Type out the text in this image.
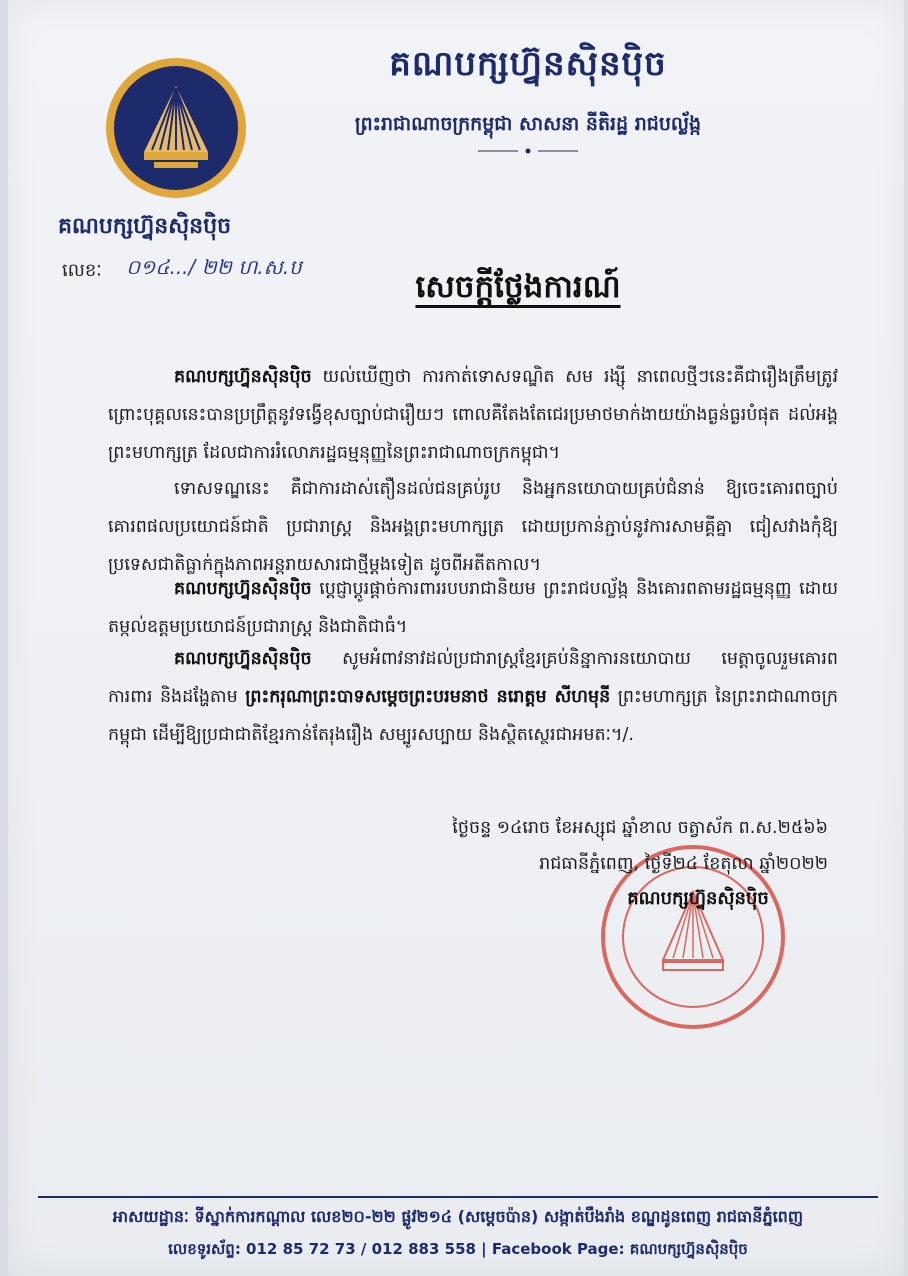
គណបក្សហ្វ៊ុនស៊ិនប៉ិច
ព្រះរាជាណាចក្រកម្ពុជា សាសនា នីតិរដ្ឋ រាជបល្ល័ង្ក
គណបក្សហ្វ៊ុនស៊ិនប៉ិច
លេខៈ ០១៤.../ ២២ ហ.ស.ប
សេចក្តីថ្លែងការណ៍
គណបក្សហ្វ៊ុនស៊ិនប៉ិច យល់ឃើញថា ការកាត់ទោសទណ្ឌិត សម រង្ស៊ី នាពេលថ្មីៗនេះគឺជារឿងត្រឹមត្រូវ ព្រោះបុគ្គលនេះបានប្រព្រឹត្តនូវទង្វើខុសច្បាប់ជារឿយៗ ពោលគឺតែងតែជេរប្រមាថមាក់ងាយយ៉ាងធ្ងន់ធ្ងរបំផុត ដល់អង្គព្រះមហាក្សត្រ ដែលជាការរំលោភរដ្ឋធម្មនុញ្ញនៃព្រះរាជាណាចក្រកម្ពុជា។
ទោសទណ្ឌនេះ គឺជាការដាស់តឿនដល់ជនគ្រប់រូប និងអ្នកនយោបាយគ្រប់ជំនាន់ ឱ្យចេះគោរពច្បាប់ គោរពផលប្រយោជន៍ជាតិ ប្រជារាស្ត្រ និងអង្គព្រះមហាក្សត្រ ដោយប្រកាន់ភ្ជាប់នូវការសាមគ្គីគ្នា ជៀសវាងកុំឱ្យប្រទេសជាតិធ្លាក់ក្នុងភាពអន្តរាយសារជាថ្មីម្តងទៀត ដូចពីអតីតកាល។
គណបក្សហ្វ៊ុនស៊ិនប៉ិច ប្តេជ្ញាប្តូរផ្តាច់ការពាររបបរាជានិយម ព្រះរាជបល្ល័ង្ក និងគោរពតាមរដ្ឋធម្មនុញ្ញ ដោយតម្កល់ឧត្តមប្រយោជន៍ប្រជារាស្ត្រ និងជាតិជាធំ។
គណបក្សហ្វ៊ុនស៊ិនប៉ិច សូមអំពាវនាវដល់ប្រជារាស្ត្រខ្មែរគ្រប់និន្នាការនយោបាយ មេត្តាចូលរួមគោរព ការពារ និងដង្ហែតាម ព្រះករុណាព្រះបាទសម្តេចព្រះបរមនាថ នរោត្តម សីហមុនី ព្រះមហាក្សត្រ នៃព្រះរាជាណាចក្រកម្ពុជា ដើម្បីឱ្យប្រជាជាតិខ្មែរកាន់តែរុងរឿង សម្បូរសប្បាយ និងស្ថិតស្ថេរជាអមតៈ។/.
ថ្ងៃចន្ទ ១៤រោច ខែអស្សុជ ឆ្នាំខាល ចត្វាស័ក ព.ស.២៥៦៦
រាជធានីភ្នំពេញ, ថ្ងៃទី២៤ ខែតុលា ឆ្នាំ២០២២
គណបក្សហ្វ៊ុនស៊ិនប៉ិច
អាសយដ្ឋានៈ ទីស្នាក់ការកណ្តាល លេខ២០-២២ ផ្លូវ២១៤ (សម្តេចប៉ាន) សង្កាត់បឹងរាំង ខណ្ឌដូនពេញ រាជធានីភ្នំពេញ
លេខទូរស័ព្ទ: 012 85 72 73 / 012 883 558 | Facebook Page: គណបក្សហ្វ៊ុនស៊ិនប៉ិច
